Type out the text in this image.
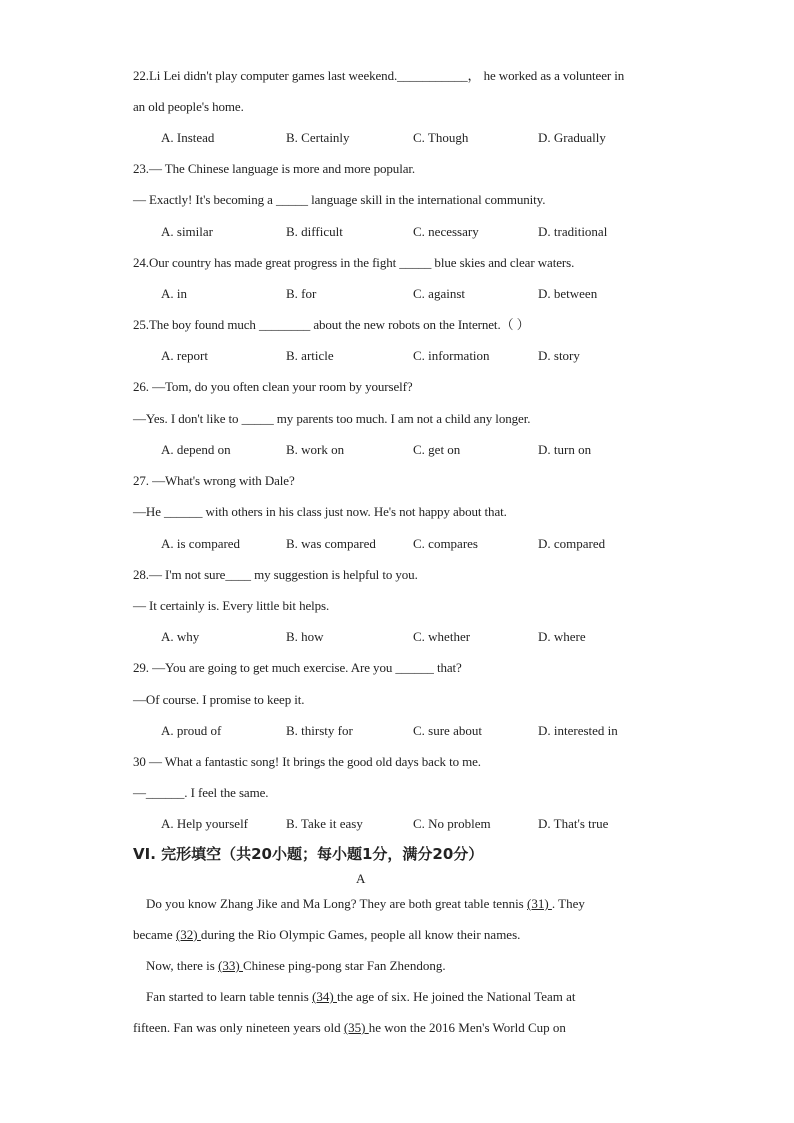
22.Li Lei didn't play computer games last weekend.___________， he worked as a volunteer in
an old people's home.
A. Instead	B. Certainly	C. Though	D. Gradually
23.— The Chinese language is more and more popular.
— Exactly! It's becoming a _____ language skill in the international community.
A. similar	B. difficult	C. necessary	D. traditional
24.Our country has made great progress in the fight _____ blue skies and clear waters.
A. in	B. for	C. against	D. between
25.The boy found much ________ about the new robots on the Internet.（ ）
A. report	B. article	C. information	D. story
26. —Tom, do you often clean your room by yourself?
—Yes. I don't like to _____ my parents too much. I am not a child any longer.
A. depend on	B. work on	C. get on	D. turn on
27. —What's wrong with Dale?
—He ______ with others in his class just now. He's not happy about that.
A. is compared	B. was compared	C. compares	D. compared
28.— I'm not sure____ my suggestion is helpful to you.
— It certainly is. Every little bit helps.
A. why	B. how	C. whether	D. where
29. —You are going to get much exercise. Are you ______ that?
—Of course. I promise to keep it.
A. proud of	B. thirsty for	C. sure about	D. interested in
30 — What a fantastic song! It brings the good old days back to me.
—______. I feel the same.
A. Help yourself	B. Take it easy	C. No problem	D. That's true
VI. 完形填空（共20小题；每小题1分，满分20分）
A
Do you know Zhang Jike and Ma Long? They are both great table tennis (31) . They
became (32) during the Rio Olympic Games, people all know their names.
Now, there is (33) Chinese ping-pong star Fan Zhendong.
Fan started to learn table tennis (34) the age of six. He joined the National Team at
fifteen. Fan was only nineteen years old (35) he won the 2016 Men's World Cup on
